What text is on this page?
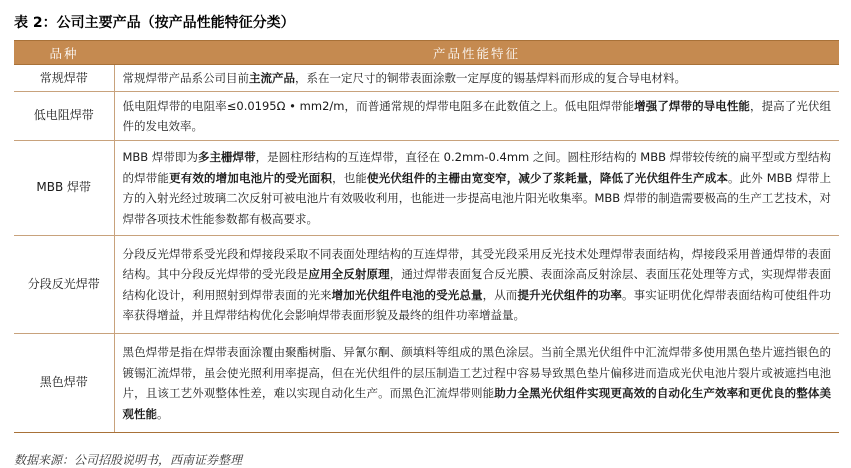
表 2：公司主要产品（按产品性能特征分类）
品种	产品性能特征
常规焊带	常规焊带产品系公司目前主流产品，系在一定尺寸的铜带表面涂敷一定厚度的锡基焊料而形成的复合导电材料。
低电阻焊带	低电阻焊带的电阻率≤0.0195Ω • mm2/m，而普通常规的焊带电阻多在此数值之上。低电阻焊带能增强了焊带的导电性能，提高了光伏组件的发电效率。
MBB 焊带	MBB 焊带即为多主栅焊带，是圆柱形结构的互连焊带，直径在 0.2mm-0.4mm 之间。圆柱形结构的 MBB 焊带较传统的扁平型或方型结构的焊带能更有效的增加电池片的受光面积，也能使光伏组件的主栅由宽变窄，减少了浆耗量，降低了光伏组件生产成本。此外 MBB 焊带上方的入射光经过玻璃二次反射可被电池片有效吸收利用，也能进一步提高电池片阳光收集率。MBB 焊带的制造需要极高的生产工艺技术，对焊带各项技术性能参数都有极高要求。
分段反光焊带	分段反光焊带系受光段和焊接段采取不同表面处理结构的互连焊带，其受光段采用反光技术处理焊带表面结构，焊接段采用普通焊带的表面结构。其中分段反光焊带的受光段是应用全反射原理，通过焊带表面复合反光膜、表面涂高反射涂层、表面压花处理等方式，实现焊带表面结构化设计，利用照射到焊带表面的光来增加光伏组件电池的受光总量，从而提升光伏组件的功率。事实证明优化焊带表面结构可使组件功率获得增益，并且焊带结构优化会影响焊带表面形貌及最终的组件功率增益量。
黑色焊带	黑色焊带是指在焊带表面涂覆由聚酯树脂、异氰尔酮、颜填料等组成的黑色涂层。当前全黑光伏组件中汇流焊带多使用黑色垫片遮挡银色的镀锡汇流焊带，虽会使光照利用率提高，但在光伏组件的层压制造工艺过程中容易导致黑色垫片偏移进而造成光伏电池片裂片或被遮挡电池片，且该工艺外观整体性差，难以实现自动化生产。而黑色汇流焊带则能助力全黑光伏组件实现更高效的自动化生产效率和更优良的整体美观性能。
数据来源：公司招股说明书，西南证券整理
